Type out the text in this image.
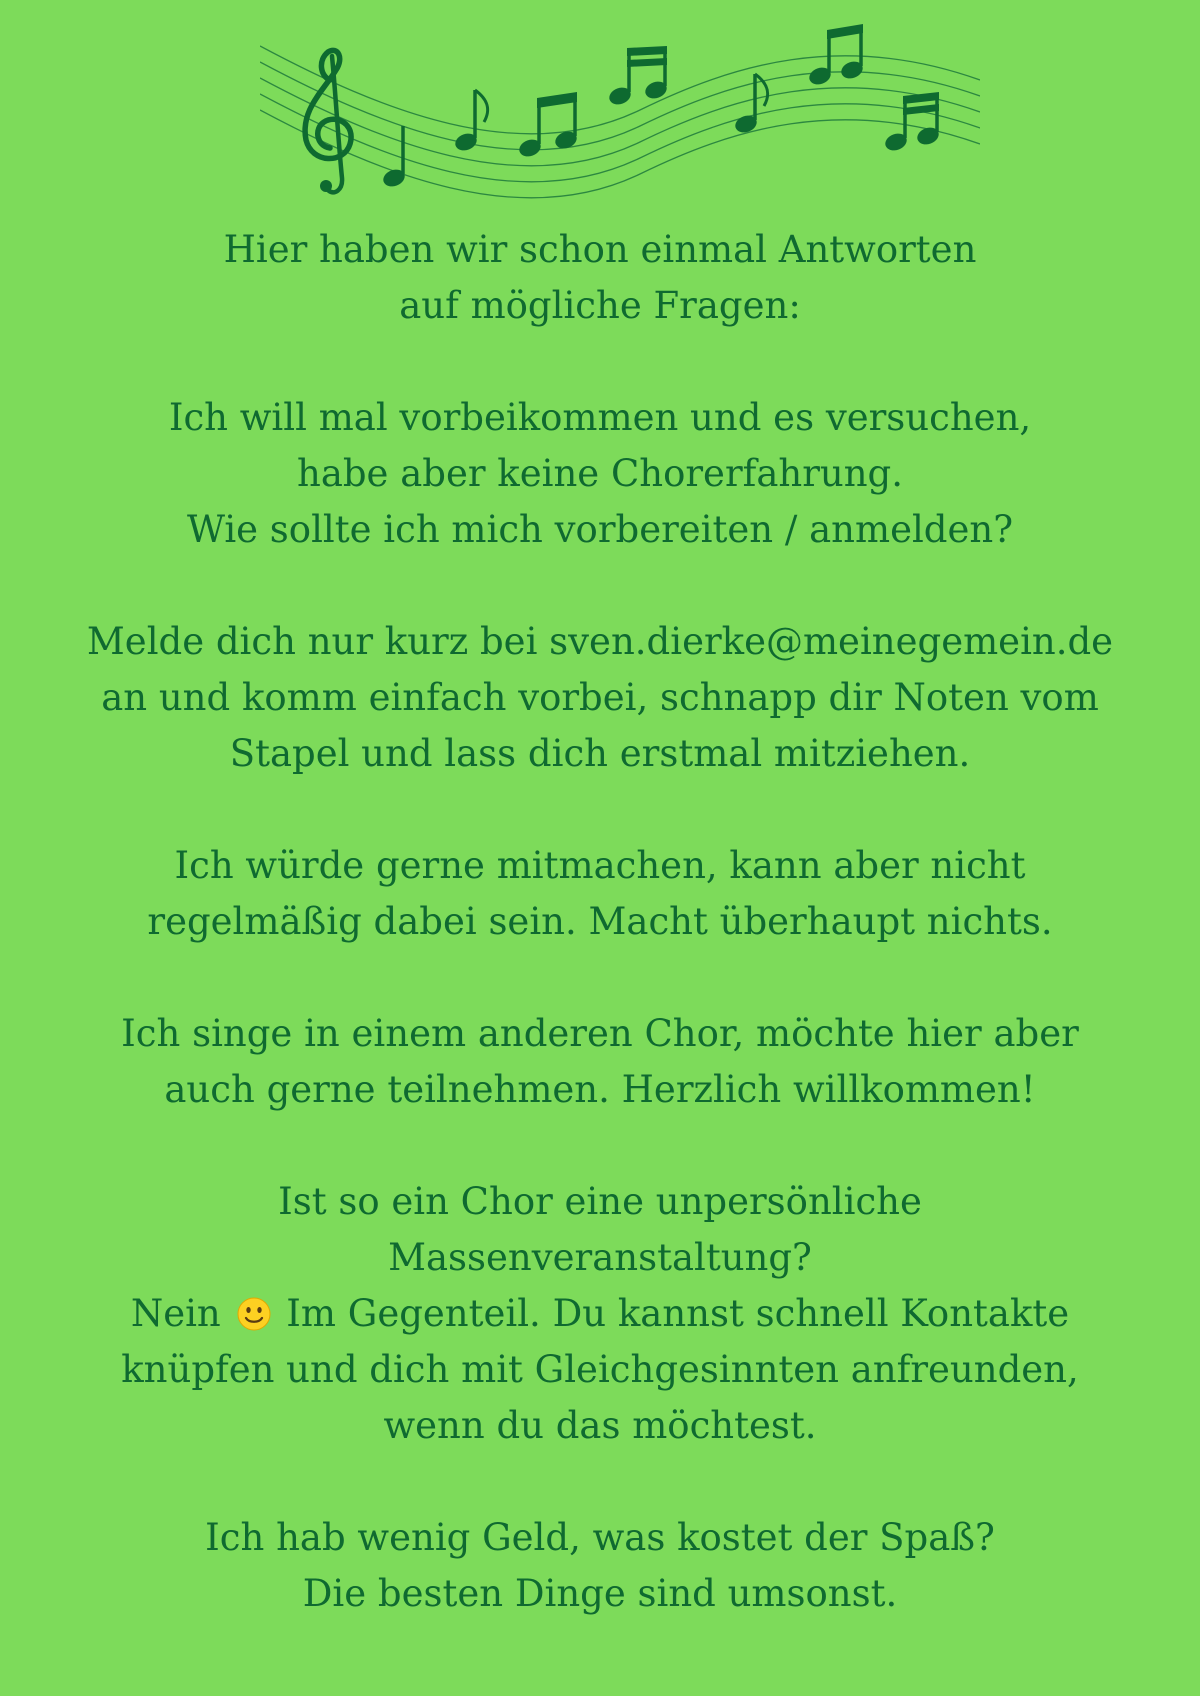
Hier haben wir schon einmal Antworten
auf mögliche Fragen:
Ich will mal vorbeikommen und es versuchen,
habe aber keine Chorerfahrung.
Wie sollte ich mich vorbereiten / anmelden?
Melde dich nur kurz bei sven.dierke@meinegemein.de
an und komm einfach vorbei, schnapp dir Noten vom
Stapel und lass dich erstmal mitziehen.
Ich würde gerne mitmachen, kann aber nicht
regelmäßig dabei sein. Macht überhaupt nichts.
Ich singe in einem anderen Chor, möchte hier aber
auch gerne teilnehmen. Herzlich willkommen!
Ist so ein Chor eine unpersönliche
Massenveranstaltung?
Nein Im Gegenteil. Du kannst schnell Kontakte
knüpfen und dich mit Gleichgesinnten anfreunden,
wenn du das möchtest.
Ich hab wenig Geld, was kostet der Spaß?
Die besten Dinge sind umsonst.
